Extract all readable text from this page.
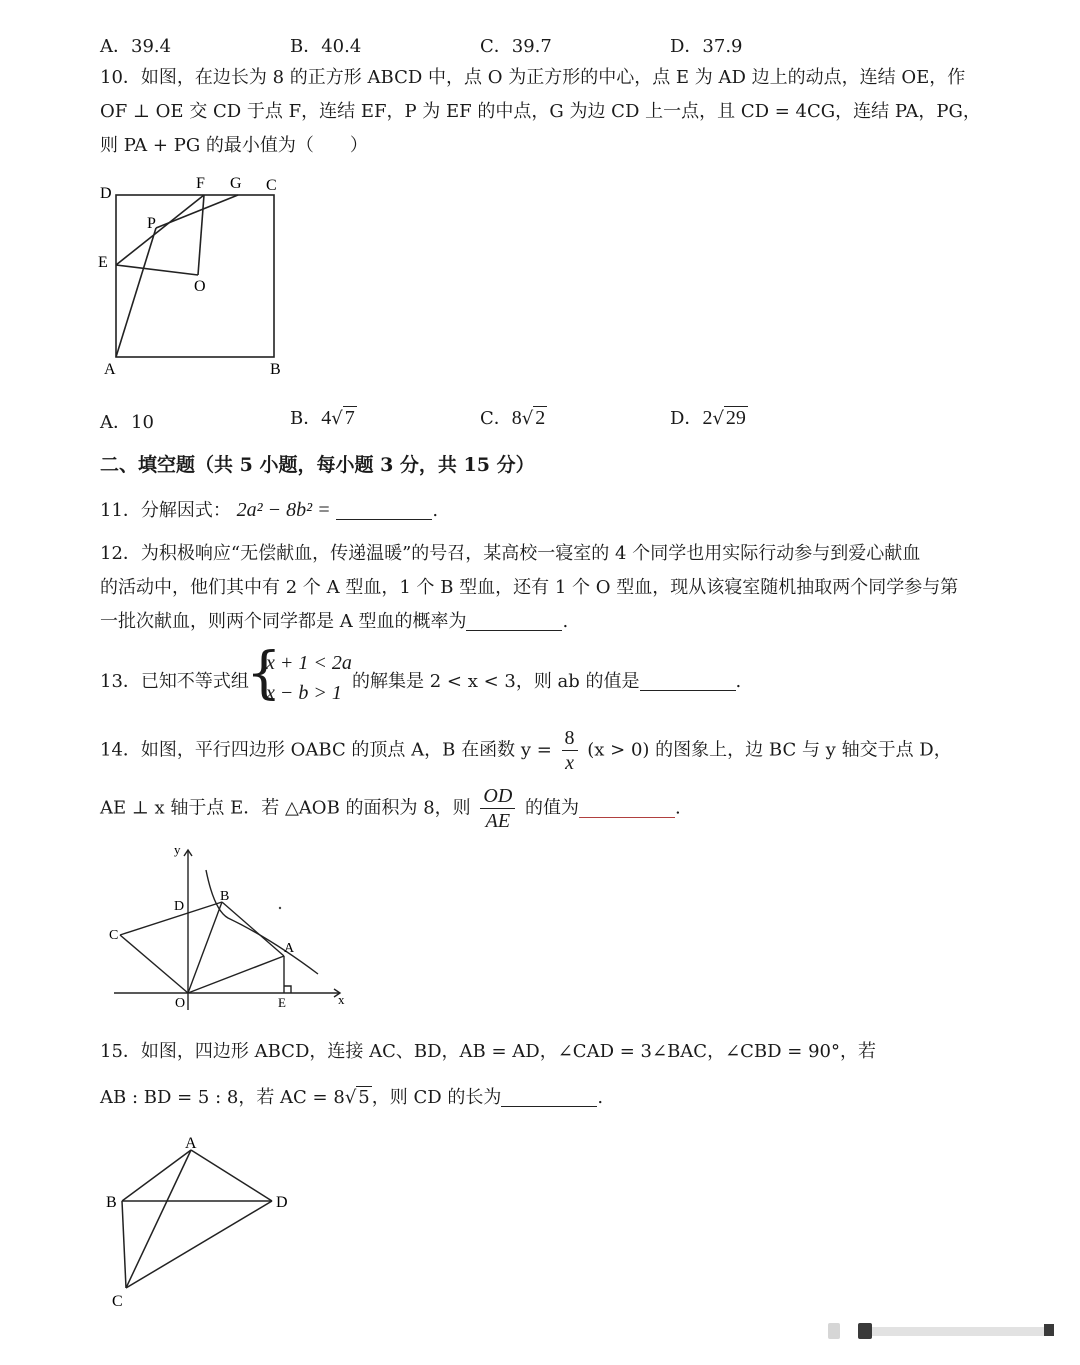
A．39.4	B．40.4	C．39.7	D．37.9
10．如图，在边长为 8 的正方形 ABCD 中，点 O 为正方形的中心，点 E 为 AD 边上的动点，连结 OE，作
OF ⊥ OE 交 CD 于点 F，连结 EF，P 为 EF 的中点，G 为边 CD 上一点，且 CD = 4CG，连结 PA，PG，
则 PA + PG 的最小值为（　　）
D
F G C
P
E
O
A	B
A．10	B．4√ 7	C．8√ 2	D．2√ 29
二、填空题（共 5 小题，每小题 3 分，共 15 分）
11．分解因式： 2a² − 8b² =	.
12．为积极响应“无偿献血，传递温暖”的号召，某高校一寝室的 4 个同学也用实际行动参与到爱心献血
的活动中，他们其中有 2 个 A 型血，1 个 B 型血，还有 1 个 O 型血，现从该寝室随机抽取两个同学参与第
一批次献血，则两个同学都是 A 型血的概率为	.
13．已知不等式组
{
x + 1 < 2a
x − b > 1
的解集是 2 < x < 3，则 ab 的值是	.
14．如图，平行四边形 OABC 的顶点 A，B 在函数 $y = \frac{8}{x} (x > 0)$ 的图象上，边 BC 与 y 轴交于点 D，
AE ⊥ x 轴于点 E．若 △AOB 的面积为 8，则 $\frac{OD}{AE}$ 的值为	.
y
D
B
C
A
O	E	x
15．如图，四边形 ABCD，连接 AC、BD，AB = AD，∠CAD = 3∠BAC，∠CBD = 90°，若
AB : BD = 5 : 8，若 AC = 8√ 5 ，则 CD 的长为	.
A
B	D
C
